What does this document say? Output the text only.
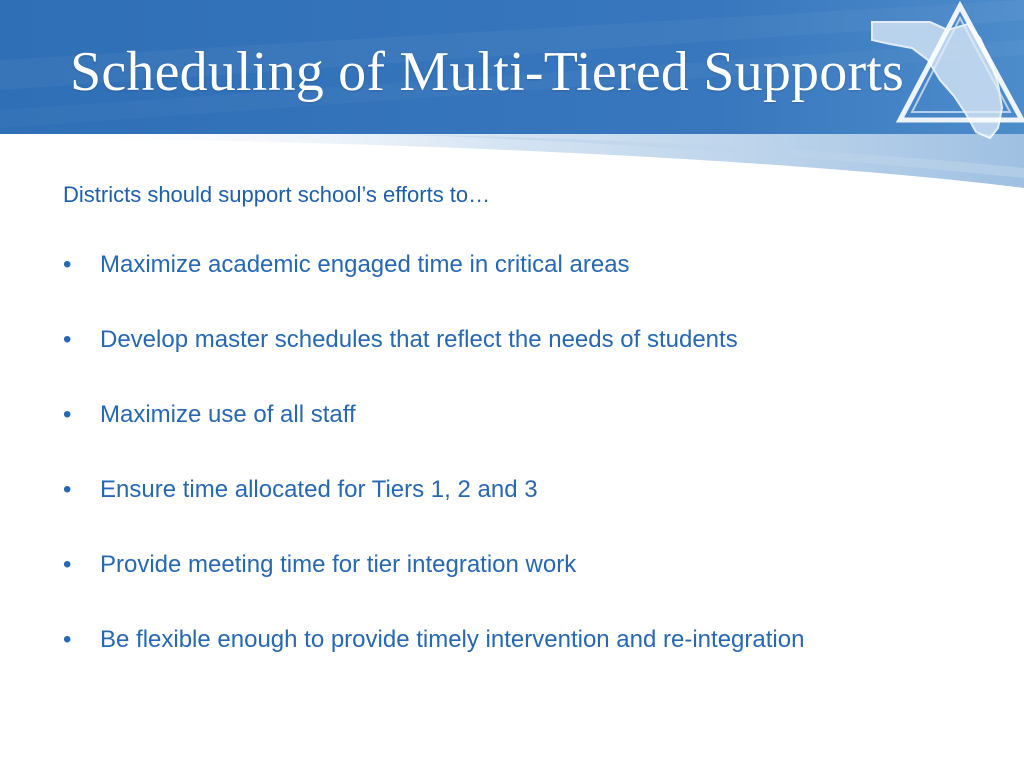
Scheduling of Multi-Tiered Supports

Districts should support school’s efforts to…

• Maximize academic engaged time in critical areas
• Develop master schedules that reflect the needs of students
• Maximize use of all staff
• Ensure time allocated for Tiers 1, 2 and 3
• Provide meeting time for tier integration work
• Be flexible enough to provide timely intervention and re-integration
